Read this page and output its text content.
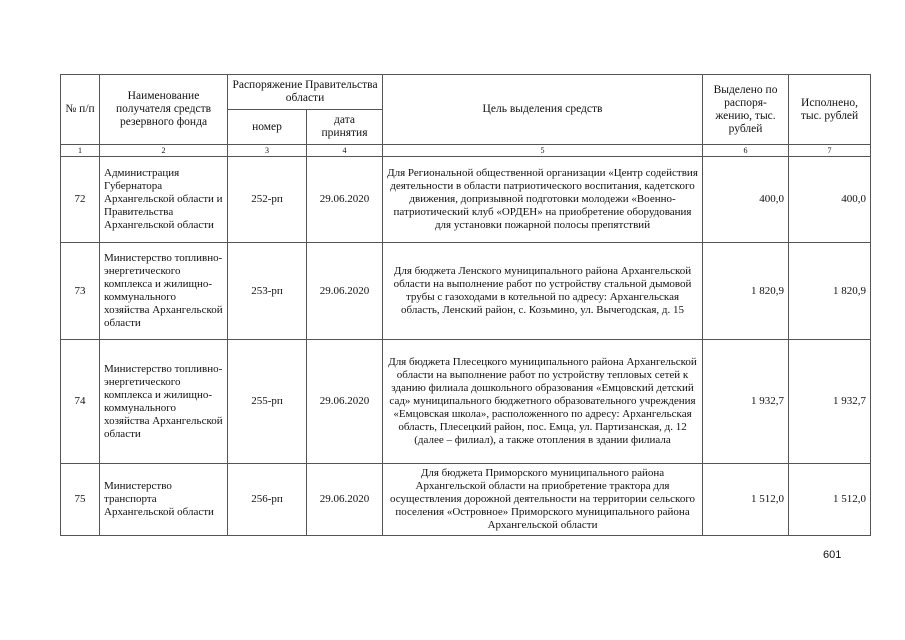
№ п/п	Наименование получателя средств резервного фонда	Распоряжение Правительства области		Цель выделения средств	Выделено по распоря-жению, тыс. рублей	Исполнено, тыс. рублей
		номер	дата принятия			
1	2	3	4	5	6	7
72	Администрация Губернатора Архангельской области и Правительства Архангельской области	252-рп	29.06.2020	Для Региональной общественной организации «Центр содействия деятельности в области патриотического воспитания, кадетского движения, допризывной подготовки молодежи «Военно-патриотический клуб «ОРДЕН» на приобретение оборудования для установки пожарной полосы препятствий	400,0	400,0
73	Министерство топливно-энергетического комплекса и жилищно-коммунального хозяйства Архангельской области	253-рп	29.06.2020	Для бюджета Ленского муниципального района Архангельской области на выполнение работ по устройству стальной дымовой трубы с газоходами в котельной по адресу: Архангельская область, Ленский район, с. Козьмино, ул. Вычегодская, д. 15	1 820,9	1 820,9
74	Министерство топливно-энергетического комплекса и жилищно-коммунального хозяйства Архангельской области	255-рп	29.06.2020	Для бюджета Плесецкого муниципального района Архангельской области на выполнение работ по устройству тепловых сетей к зданию филиала дошкольного образования «Емцовский детский сад» муниципального бюджетного образовательного учреждения «Емцовская школа», расположенного по адресу: Архангельская область, Плесецкий район, пос. Емца, ул. Партизанская, д. 12 (далее – филиал), а также отопления в здании филиала	1 932,7	1 932,7
75	Министерство транспорта Архангельской области	256-рп	29.06.2020	Для бюджета Приморского муниципального района Архангельской области на приобретение трактора для осуществления дорожной деятельности на территории сельского поселения «Островное» Приморского муниципального района Архангельской области	1 512,0	1 512,0
601
